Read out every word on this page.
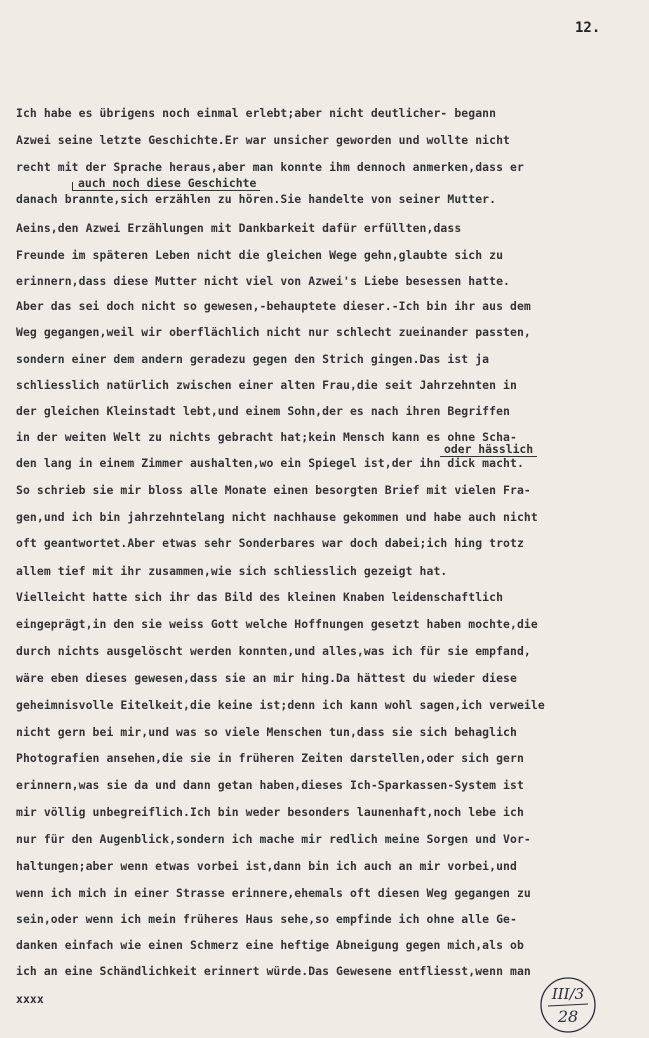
12.
Ich habe es übrigens noch einmal erlebt;aber nicht deutlicher- begann
Azwei seine letzte Geschichte.Er war unsicher geworden und wollte nicht
recht mit der Sprache heraus,aber man konnte ihm dennoch anmerken,dass er
auch noch diese Geschichte
danach brannte,sich erzählen zu hören.Sie handelte von seiner Mutter.
Aeins,den Azwei Erzählungen mit Dankbarkeit dafür erfüllten,dass
Freunde im späteren Leben nicht die gleichen Wege gehn,glaubte sich zu
erinnern,dass diese Mutter nicht viel von Azwei's Liebe besessen hatte.
Aber das sei doch nicht so gewesen,-behauptete dieser.-Ich bin ihr aus dem
Weg gegangen,weil wir oberflächlich nicht nur schlecht zueinander passten,
sondern einer dem andern geradezu gegen den Strich gingen.Das ist ja
schliesslich natürlich zwischen einer alten Frau,die seit Jahrzehnten in
der gleichen Kleinstadt lebt,und einem Sohn,der es nach ihren Begriffen
in der weiten Welt zu nichts gebracht hat;kein Mensch kann es ohne Scha-
oder hässlich
den lang in einem Zimmer aushalten,wo ein Spiegel ist,der ihn dick macht.
So schrieb sie mir bloss alle Monate einen besorgten Brief mit vielen Fra-
gen,und ich bin jahrzehntelang nicht nachhause gekommen und habe auch nicht
oft geantwortet.Aber etwas sehr Sonderbares war doch dabei;ich hing trotz
allem tief mit ihr zusammen,wie sich schliesslich gezeigt hat.
Vielleicht hatte sich ihr das Bild des kleinen Knaben leidenschaftlich
eingeprägt,in den sie weiss Gott welche Hoffnungen gesetzt haben mochte,die
durch nichts ausgelöscht werden konnten,und alles,was ich für sie empfand,
wäre eben dieses gewesen,dass sie an mir hing.Da hättest du wieder diese
geheimnisvolle Eitelkeit,die keine ist;denn ich kann wohl sagen,ich verweile
nicht gern bei mir,und was so viele Menschen tun,dass sie sich behaglich
Photografien ansehen,die sie in früheren Zeiten darstellen,oder sich gern
erinnern,was sie da und dann getan haben,dieses Ich-Sparkassen-System ist
mir völlig unbegreiflich.Ich bin weder besonders launenhaft,noch lebe ich
nur für den Augenblick,sondern ich mache mir redlich meine Sorgen und Vor-
haltungen;aber wenn etwas vorbei ist,dann bin ich auch an mir vorbei,und
wenn ich mich in einer Strasse erinnere,ehemals oft diesen Weg gegangen zu
sein,oder wenn ich mein früheres Haus sehe,so empfinde ich ohne alle Ge-
danken einfach wie einen Schmerz eine heftige Abneigung gegen mich,als ob
ich an eine Schändlichkeit erinnert würde.Das Gewesene entfliesst,wenn man
xxxx	III/3
28
